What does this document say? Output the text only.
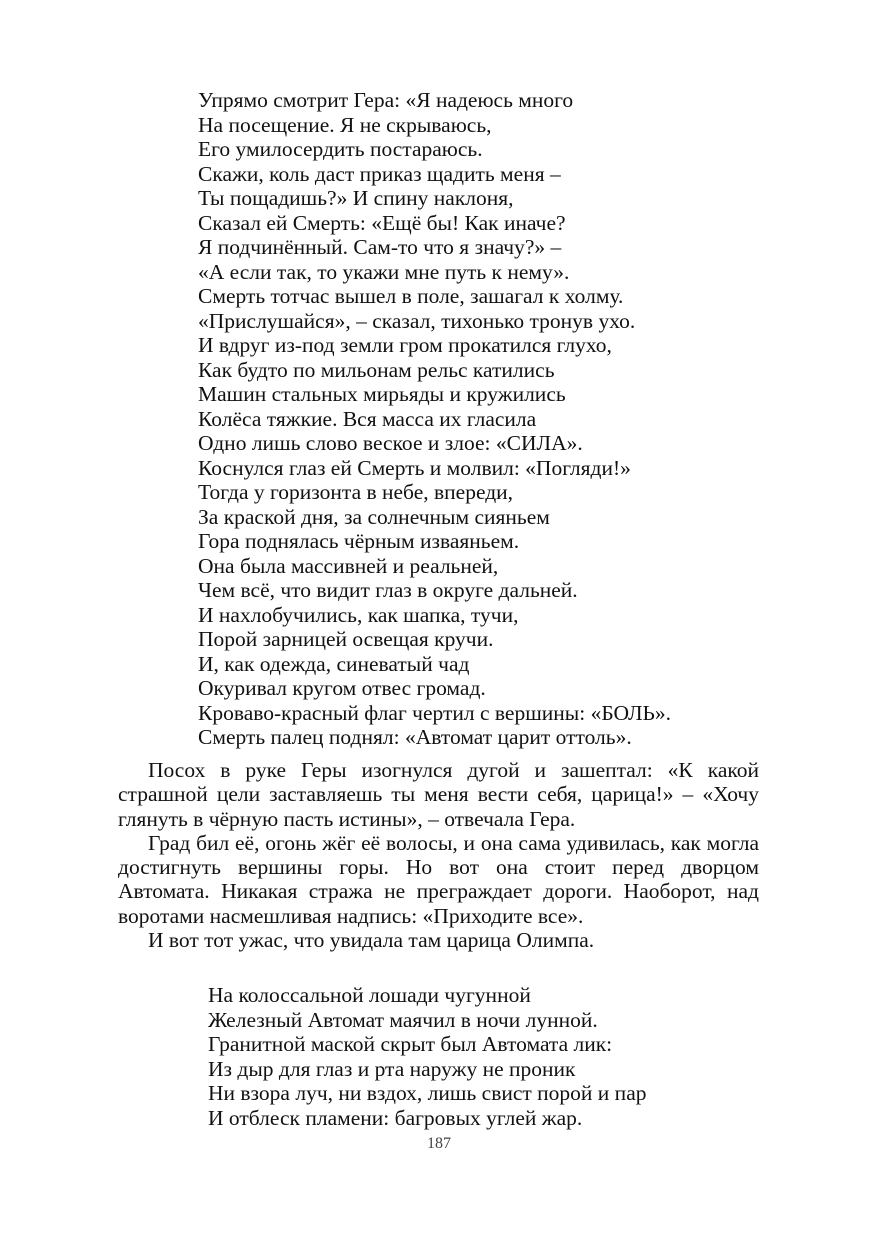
Упрямо смотрит Гера: «Я надеюсь много
На посещение. Я не скрываюсь,
Его умилосердить постараюсь.
Скажи, коль даст приказ щадить меня –
Ты пощадишь?» И спину наклоня,
Сказал ей Смерть: «Ещё бы! Как иначе?
Я подчинённый. Сам-то что я значу?» –
«А если так, то укажи мне путь к нему».
Смерть тотчас вышел в поле, зашагал к холму.
«Прислушайся», – сказал, тихонько тронув ухо.
И вдруг из-под земли гром прокатился глухо,
Как будто по мильонам рельс катились
Машин стальных мирьяды и кружились
Колёса тяжкие. Вся масса их гласила
Одно лишь слово веское и злое: «СИЛА».
Коснулся глаз ей Смерть и молвил: «Погляди!»
Тогда у горизонта в небе, впереди,
За краской дня, за солнечным сияньем
Гора поднялась чёрным изваяньем.
Она была массивней и реальней,
Чем всё, что видит глаз в округе дальней.
И нахлобучились, как шапка, тучи,
Порой зарницей освещая кручи.
И, как одежда, синеватый чад
Окуривал кругом отвес громад.
Кроваво-красный флаг чертил с вершины: «БОЛЬ».
Смерть палец поднял: «Автомат царит оттоль».

Посох в руке Геры изогнулся дугой и зашептал: «К какой страшной цели заставляешь ты меня вести себя, царица!» – «Хочу глянуть в чёрную пасть истины», – отвечала Гера.

Град бил её, огонь жёг её волосы, и она сама удивилась, как могла достигнуть вершины горы. Но вот она стоит перед дворцом Автомата. Никакая стража не преграждает дороги. Наоборот, над воротами насмешливая надпись: «Приходите все».

И вот тот ужас, что увидала там царица Олимпа.

На колоссальной лошади чугунной
Железный Автомат маячил в ночи лунной.
Гранитной маской скрыт был Автомата лик:
Из дыр для глаз и рта наружу не проник
Ни взора луч, ни вздох, лишь свист порой и пар
И отблеск пламени: багровых углей жар.
187
